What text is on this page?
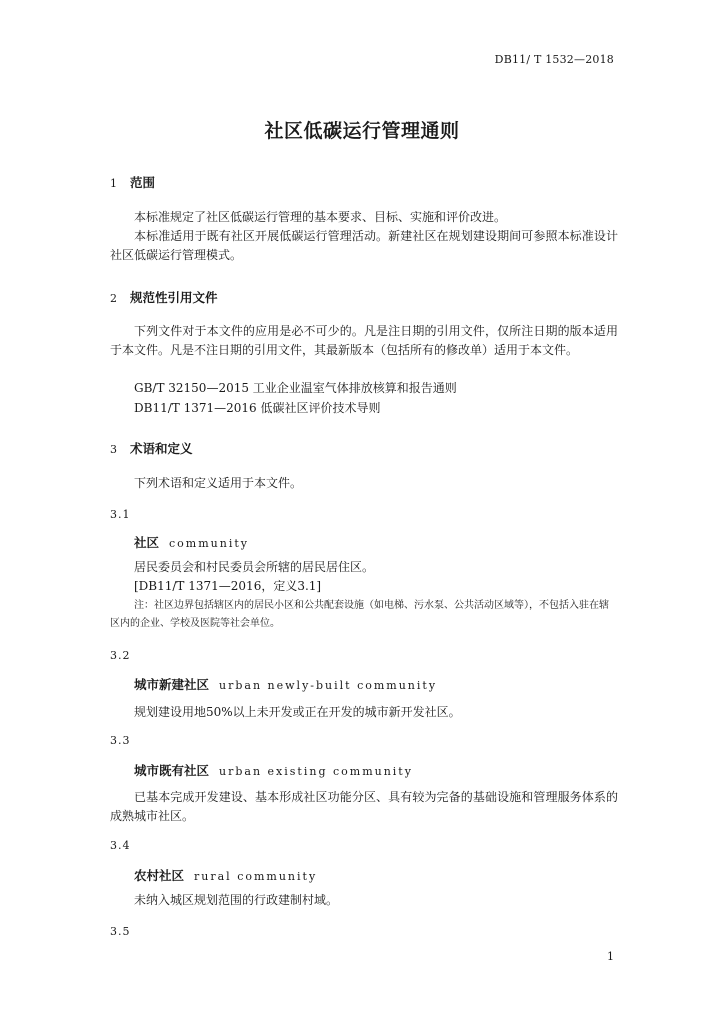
DB11/ T 1532—2018
社区低碳运行管理通则
1 范围

本标准规定了社区低碳运行管理的基本要求、目标、实施和评价改进。

本标准适用于既有社区开展低碳运行管理活动。新建社区在规划建设期间可参照本标准设计社区低碳运行管理模式。

2 规范性引用文件

下列文件对于本文件的应用是必不可少的。凡是注日期的引用文件，仅所注日期的版本适用于本文件。凡是不注日期的引用文件，其最新版本（包括所有的修改单）适用于本文件。

GB/T 32150—2015 工业企业温室气体排放核算和报告通则
DB11/T 1371—2016 低碳社区评价技术导则
3 术语和定义

下列术语和定义适用于本文件。

3.1
社区 community

居民委员会和村民委员会所辖的居民居住区。

[DB11/T 1371—2016，定义3.1]

注：社区边界包括辖区内的居民小区和公共配套设施（如电梯、污水泵、公共活动区域等），不包括入驻在辖区内的企业、学校及医院等社会单位。

3.2
城市新建社区 urban newly-built community

规划建设用地50%以上未开发或正在开发的城市新开发社区。

3.3
城市既有社区 urban existing community

已基本完成开发建设、基本形成社区功能分区、具有较为完备的基础设施和管理服务体系的成熟城市社区。

3.4
农村社区 rural community

未纳入城区规划范围的行政建制村域。

3.5
1
